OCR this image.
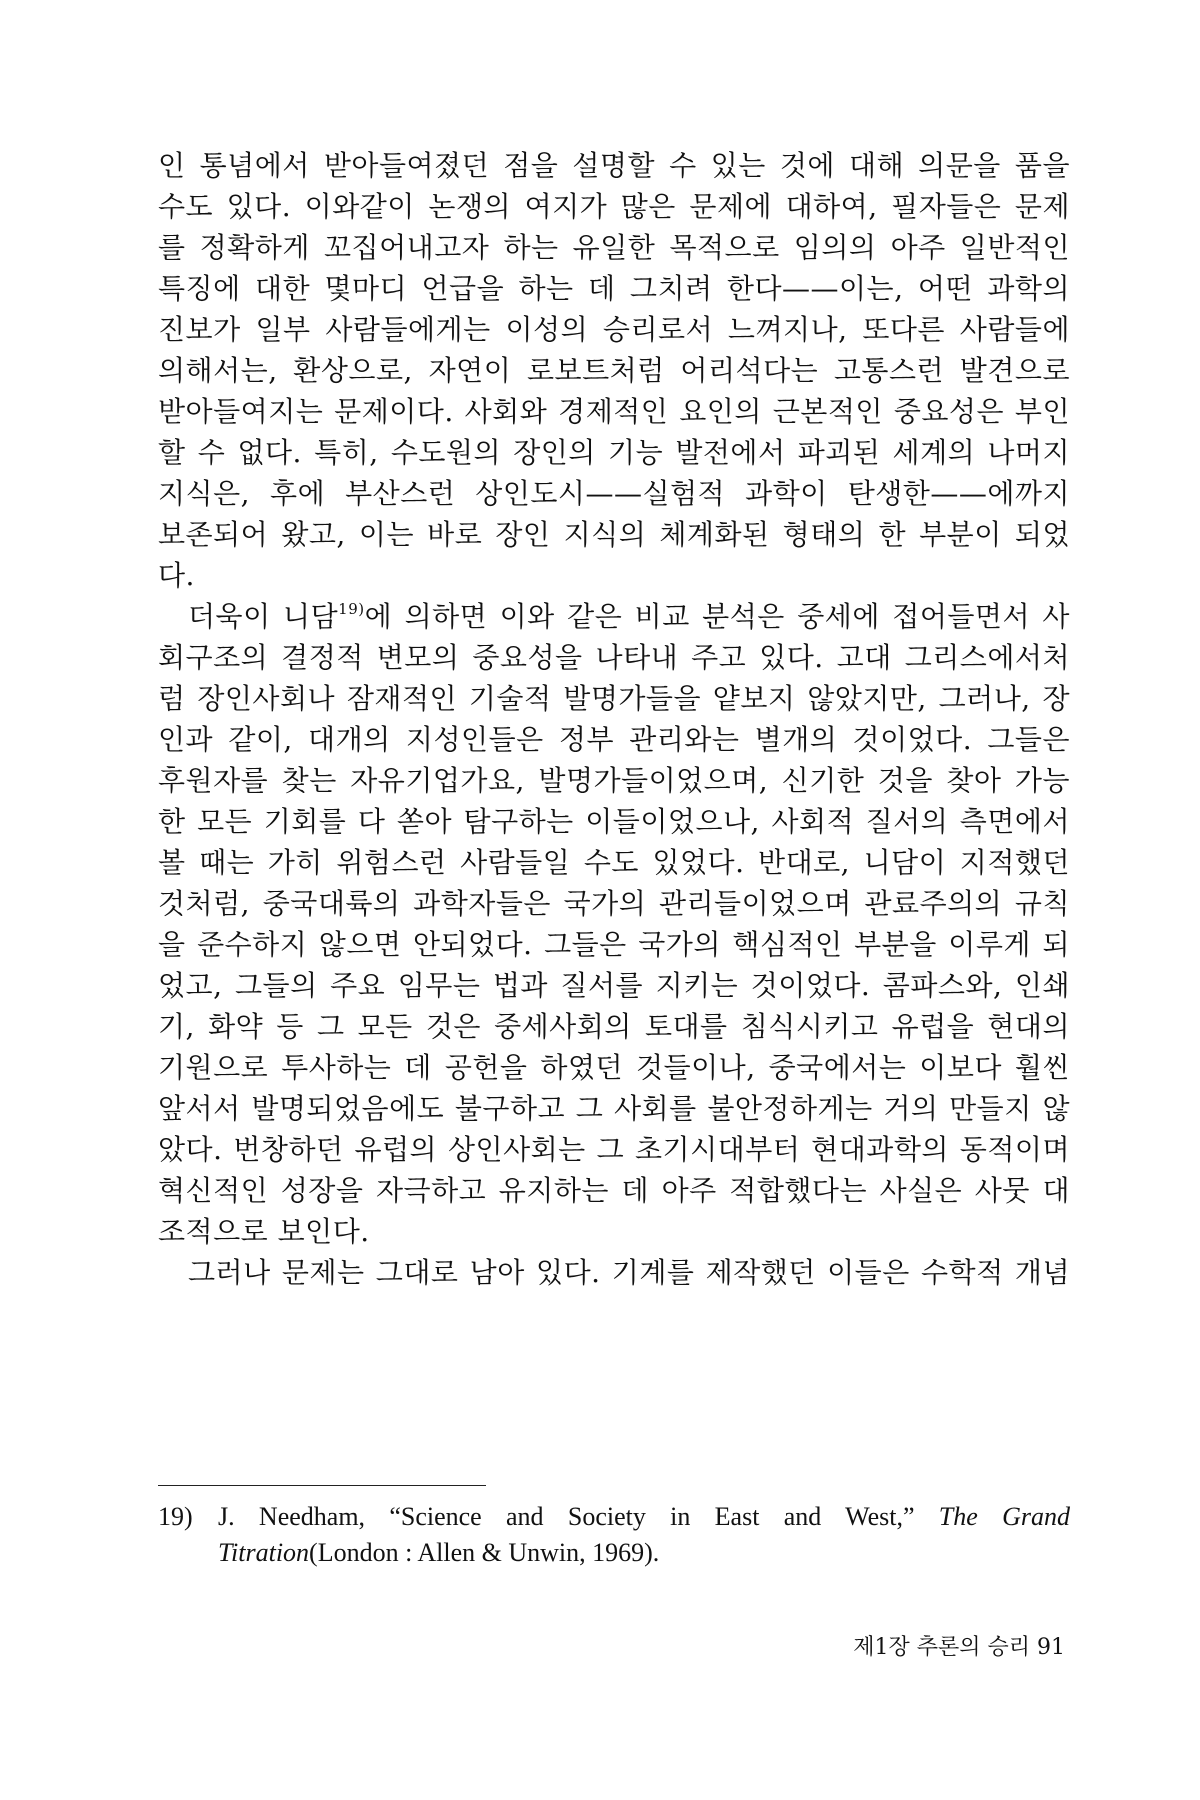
인 통념에서 받아들여졌던 점을 설명할 수 있는 것에 대해 의문을 품을
수도 있다. 이와같이 논쟁의 여지가 많은 문제에 대하여, 필자들은 문제
를 정확하게 꼬집어내고자 하는 유일한 목적으로 임의의 아주 일반적인
특징에 대한 몇마디 언급을 하는 데 그치려 한다——이는, 어떤 과학의
진보가 일부 사람들에게는 이성의 승리로서 느껴지나, 또다른 사람들에
의해서는, 환상으로, 자연이 로보트처럼 어리석다는 고통스런 발견으로
받아들여지는 문제이다. 사회와 경제적인 요인의 근본적인 중요성은 부인
할 수 없다. 특히, 수도원의 장인의 기능 발전에서 파괴된 세계의 나머지
지식은, 후에 부산스런 상인도시——실험적 과학이 탄생한——에까지
보존되어 왔고, 이는 바로 장인 지식의 체계화된 형태의 한 부분이 되었
다.
더욱이 니담$^{19)}$에 의하면 이와 같은 비교 분석은 중세에 접어들면서 사
회구조의 결정적 변모의 중요성을 나타내 주고 있다. 고대 그리스에서처
럼 장인사회나 잠재적인 기술적 발명가들을 얕보지 않았지만, 그러나, 장
인과 같이, 대개의 지성인들은 정부 관리와는 별개의 것이었다. 그들은
후원자를 찾는 자유기업가요, 발명가들이었으며, 신기한 것을 찾아 가능
한 모든 기회를 다 쏟아 탐구하는 이들이었으나, 사회적 질서의 측면에서
볼 때는 가히 위험스런 사람들일 수도 있었다. 반대로, 니담이 지적했던
것처럼, 중국대륙의 과학자들은 국가의 관리들이었으며 관료주의의 규칙
을 준수하지 않으면 안되었다. 그들은 국가의 핵심적인 부분을 이루게 되
었고, 그들의 주요 임무는 법과 질서를 지키는 것이었다. 콤파스와, 인쇄
기, 화약 등 그 모든 것은 중세사회의 토대를 침식시키고 유럽을 현대의
기원으로 투사하는 데 공헌을 하였던 것들이나, 중국에서는 이보다 훨씬
앞서서 발명되었음에도 불구하고 그 사회를 불안정하게는 거의 만들지 않
았다. 번창하던 유럽의 상인사회는 그 초기시대부터 현대과학의 동적이며
혁신적인 성장을 자극하고 유지하는 데 아주 적합했다는 사실은 사뭇 대
조적으로 보인다.
그러나 문제는 그대로 남아 있다. 기계를 제작했던 이들은 수학적 개념
19) J. Needham, “Science and Society in East and West,” The Grand
Titration(London : Allen & Unwin, 1969).
제1장 추론의 승리 91
